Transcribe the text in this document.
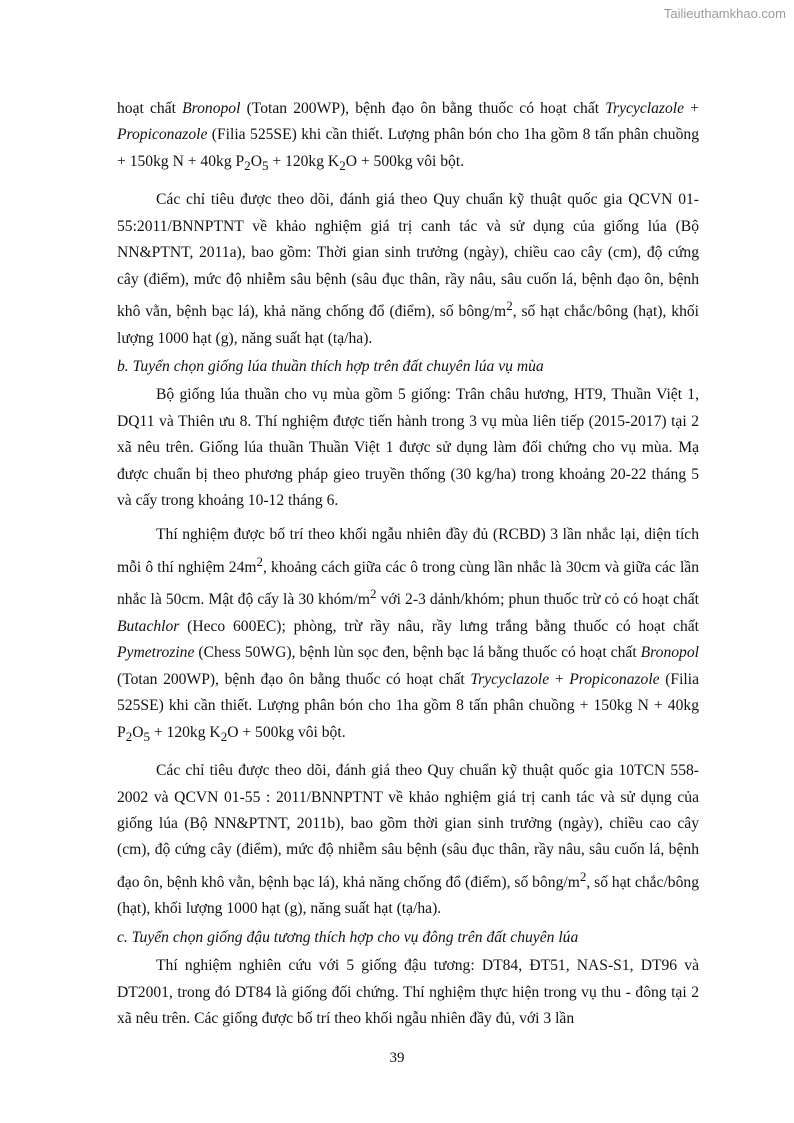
Tailieuthamkhao.com

hoạt chất Bronopol (Totan 200WP), bệnh đạo ôn bằng thuốc có hoạt chất Trycyclazole + Propiconazole (Filia 525SE) khi cần thiết. Lượng phân bón cho 1ha gồm 8 tấn phân chuồng + 150kg N + 40kg $P_2O_5 + 120kg$ $K_2O + 500kg$ vôi bột.

Các chỉ tiêu được theo dõi, đánh giá theo Quy chuẩn kỹ thuật quốc gia QCVN 01-55:2011/BNNPTNT về khảo nghiệm giá trị canh tác và sử dụng của giống lúa (Bộ NN&PTNT, 2011a), bao gồm: Thời gian sinh trưởng (ngày), chiều cao cây (cm), độ cứng cây (điểm), mức độ nhiễm sâu bệnh (sâu đục thân, rầy nâu, sâu cuốn lá, bệnh đạo ôn, bệnh khô vằn, bệnh bạc lá), khả năng chống đổ (điểm), số bông/$m^2$, số hạt chắc/bông (hạt), khối lượng 1000 hạt (g), năng suất hạt (tạ/ha).

b. Tuyển chọn giống lúa thuần thích hợp trên đất chuyên lúa vụ mùa

Bộ giống lúa thuần cho vụ mùa gồm 5 giống: Trân châu hương, HT9, Thuần Việt 1, DQ11 và Thiên ưu 8. Thí nghiệm được tiến hành trong 3 vụ mùa liên tiếp (2015-2017) tại 2 xã nêu trên. Giống lúa thuần Thuần Việt 1 được sử dụng làm đối chứng cho vụ mùa. Mạ được chuẩn bị theo phương pháp gieo truyền thống (30 kg/ha) trong khoảng 20-22 tháng 5 và cấy trong khoảng 10-12 tháng 6.

Thí nghiệm được bố trí theo khối ngẫu nhiên đầy đủ (RCBD) 3 lần nhắc lại, diện tích mỗi ô thí nghiệm $24m^2$, khoảng cách giữa các ô trong cùng lần nhắc là 30cm và giữa các lần nhắc là 50cm. Mật độ cấy là 30 khóm/$m^2$ với 2-3 dảnh/khóm; phun thuốc trừ cỏ có hoạt chất Butachlor (Heco 600EC); phòng, trừ rầy nâu, rầy lưng trắng bằng thuốc có hoạt chất Pymetrozine (Chess 50WG), bệnh lùn sọc đen, bệnh bạc lá bằng thuốc có hoạt chất Bronopol (Totan 200WP), bệnh đạo ôn bằng thuốc có hoạt chất Trycyclazole + Propiconazole (Filia 525SE) khi cần thiết. Lượng phân bón cho 1ha gồm 8 tấn phân chuồng + 150kg N + 40kg $P_2O_5 + 120kg$ $K_2O + 500kg$ vôi bột.

Các chỉ tiêu được theo dõi, đánh giá theo Quy chuẩn kỹ thuật quốc gia 10TCN 558-2002 và QCVN 01-55 : 2011/BNNPTNT về khảo nghiệm giá trị canh tác và sử dụng của giống lúa (Bộ NN&PTNT, 2011b), bao gồm thời gian sinh trưởng (ngày), chiều cao cây (cm), độ cứng cây (điểm), mức độ nhiễm sâu bệnh (sâu đục thân, rầy nâu, sâu cuốn lá, bệnh đạo ôn, bệnh khô vằn, bệnh bạc lá), khả năng chống đổ (điểm), số bông/$m^2$, số hạt chắc/bông (hạt), khối lượng 1000 hạt (g), năng suất hạt (tạ/ha).

c. Tuyển chọn giống đậu tương thích hợp cho vụ đông trên đất chuyên lúa

Thí nghiệm nghiên cứu với 5 giống đậu tương: DT84, ĐT51, NAS-S1, DT96 và DT2001, trong đó DT84 là giống đối chứng. Thí nghiệm thực hiện trong vụ thu - đông tại 2 xã nêu trên. Các giống được bố trí theo khối ngẫu nhiên đầy đủ, với 3 lần

39
